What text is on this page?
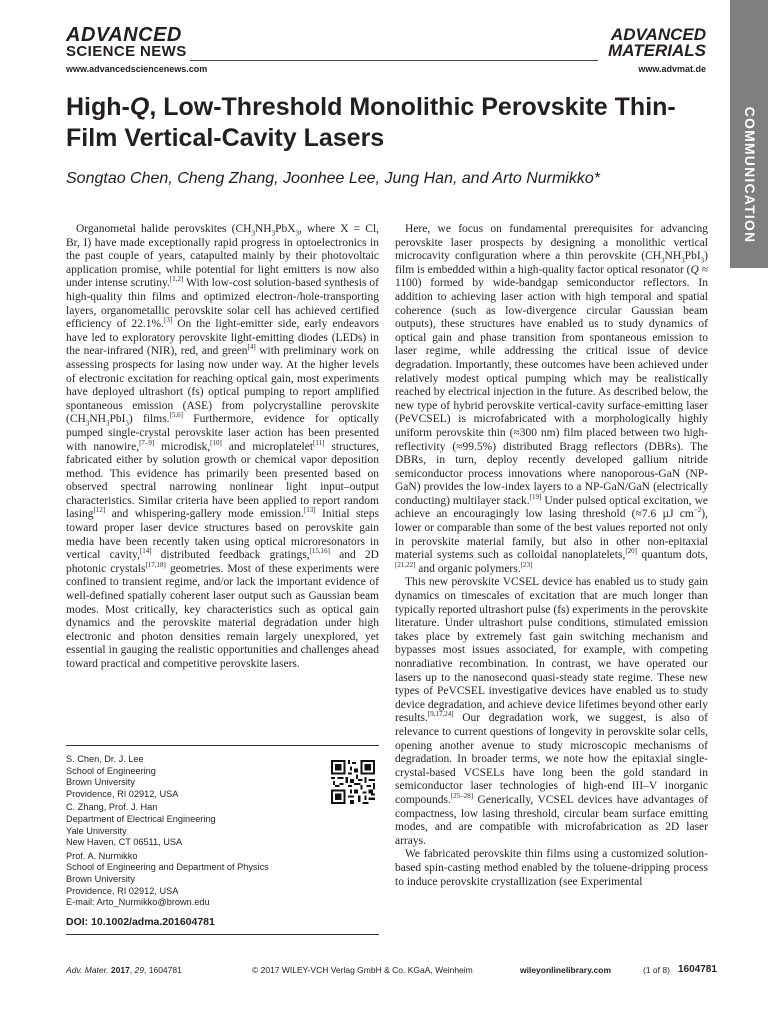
COMMUNICATION
ADVANCED
SCIENCE NEWS
www.advancedsciencenews.com
ADVANCED
MATERIALS
www.advmat.de
High-Q, Low-Threshold Monolithic Perovskite Thin-Film Vertical-Cavity Lasers
Songtao Chen, Cheng Zhang, Joonhee Lee, Jung Han, and Arto Nurmikko*

Organometal halide perovskites ($CH_3NH_3PbX_3$, where X = Cl, Br, I) have made exceptionally rapid progress in optoelectronics in the past couple of years, catapulted mainly by their photovoltaic application promise, while potential for light emitters is now also under intense scrutiny.[1,2] With low-cost solution-based synthesis of high-quality thin films and optimized electron-/hole-transporting layers, organometallic perovskite solar cell has achieved certified efficiency of 22.1%.[3] On the light-emitter side, early endeavors have led to exploratory perovskite light-emitting diodes (LEDs) in the near-infrared (NIR), red, and green[4] with preliminary work on assessing prospects for lasing now under way. At the higher levels of electronic excitation for reaching optical gain, most experiments have deployed ultrashort (fs) optical pumping to report amplified spontaneous emission (ASE) from polycrystalline perovskite $(CH_3NH_3PbI_3)$ films.[5,6] Furthermore, evidence for optically pumped single-crystal perovskite laser action has been presented with nanowire,[7–9] microdisk,[10] and microplatelet[11] structures, fabricated either by solution growth or chemical vapor deposition method. This evidence has primarily been presented based on observed spectral narrowing nonlinear light input–output characteristics. Similar criteria have been applied to report random lasing[12] and whispering-gallery mode emission.[13] Initial steps toward proper laser device structures based on perovskite gain media have been recently taken using optical microresonators in vertical cavity,[14] distributed feedback gratings,[15,16] and 2D photonic crystals[17,18] geometries. Most of these experiments were confined to transient regime, and/or lack the important evidence of well-defined spatially coherent laser output such as Gaussian beam modes. Most critically, key characteristics such as optical gain dynamics and the perovskite material degradation under high electronic and photon densities remain largely unexplored, yet essential in gauging the realistic opportunities and challenges ahead toward practical and competitive perovskite lasers.

Here, we focus on fundamental prerequisites for advancing perovskite laser prospects by designing a monolithic vertical microcavity configuration where a thin perovskite $(CH_3NH_3PbI_3)$ film is embedded within a high-quality factor optical resonator (Q ≈ 1100) formed by wide-bandgap semiconductor reflectors. In addition to achieving laser action with high temporal and spatial coherence (such as low-divergence circular Gaussian beam outputs), these structures have enabled us to study dynamics of optical gain and phase transition from spontaneous emission to laser regime, while addressing the critical issue of device degradation. Importantly, these outcomes have been achieved under relatively modest optical pumping which may be realistically reached by electrical injection in the future. As described below, the new type of hybrid perovskite vertical-cavity surface-emitting laser (PeVCSEL) is microfabricated with a morphologically highly uniform perovskite thin (≈300 nm) film placed between two high-reflectivity (≈99.5%) distributed Bragg reflectors (DBRs). The DBRs, in turn, deploy recently developed gallium nitride semiconductor process innovations where nanoporous-GaN (NP-GaN) provides the low-index layers to a NP-GaN/GaN (electrically conducting) multilayer stack.[19] Under pulsed optical excitation, we achieve an encouragingly low lasing threshold (≈7.6 µJ $cm^{-2}$), lower or comparable than some of the best values reported not only in perovskite material family, but also in other non-epitaxial material systems such as colloidal nanoplatelets,[20] quantum dots,[21,22] and organic polymers.[23]

This new perovskite VCSEL device has enabled us to study gain dynamics on timescales of excitation that are much longer than typically reported ultrashort pulse (fs) experiments in the perovskite literature. Under ultrashort pulse conditions, stimulated emission takes place by extremely fast gain switching mechanism and bypasses most issues associated, for example, with competing nonradiative recombination. In contrast, we have operated our lasers up to the nanosecond quasi-steady state regime. These new types of PeVCSEL investigative devices have enabled us to study device degradation, and achieve device lifetimes beyond other early results.[9,17,24] Our degradation work, we suggest, is also of relevance to current questions of longevity in perovskite solar cells, opening another avenue to study microscopic mechanisms of degradation. In broader terms, we note how the epitaxial single-crystal-based VCSELs have long been the gold standard in semiconductor laser technologies of high-end III–V inorganic compounds.[25–28] Generically, VCSEL devices have advantages of compactness, low lasing threshold, circular beam surface emitting modes, and are compatible with microfabrication as 2D laser arrays.

We fabricated perovskite thin films using a customized solution-based spin-casting method enabled by the toluene-dripping process to induce perovskite crystallization (see Experimental

S. Chen, Dr. J. Lee
School of Engineering
Brown University
Providence, RI 02912, USA
C. Zhang, Prof. J. Han
Department of Electrical Engineering
Yale University
New Haven, CT 06511, USA
Prof. A. Nurmikko
School of Engineering and Department of Physics
Brown University
Providence, RI 02912, USA
E-mail: Arto_Nurmikko@brown.edu
DOI: 10.1002/adma.201604781
Adv. Mater. 2017, 29, 1604781	© 2017 WILEY-VCH Verlag GmbH & Co. KGaA, Weinheim	wileyonlinelibrary.com	(1 of 8) 1604781
